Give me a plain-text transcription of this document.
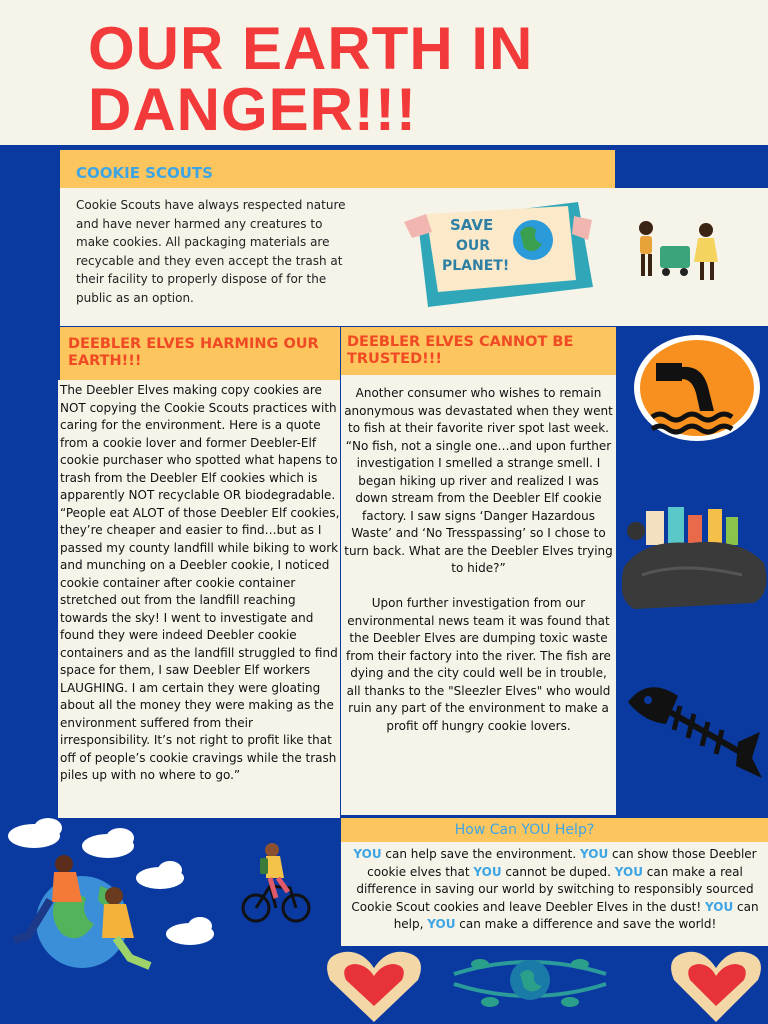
OUR EARTH IN DANGER!!!
COOKIE SCOUTS
Cookie Scouts have always respected nature and have never harmed any creatures to make cookies. All packaging materials are recycable and they even accept the trash at their facility to properly dispose of for the public as an option.
SAVE
OUR
PLANET!
DEEBLER ELVES HARMING OUR EARTH!!!
The Deebler Elves making copy cookies are NOT copying the Cookie Scouts practices with caring for the environment. Here is a quote from a cookie lover and former Deebler-Elf cookie purchaser who spotted what hapens to trash from the Deebler Elf cookies which is apparently NOT recyclable OR biodegradable. “People eat ALOT of those Deebler Elf cookies, they’re cheaper and easier to find…but as I passed my county landfill while biking to work and munching on a Deebler cookie, I noticed cookie container after cookie container stretched out from the landfill reaching towards the sky! I went to investigate and found they were indeed Deebler cookie containers and as the landfill struggled to find space for them, I saw Deebler Elf workers LAUGHING. I am certain they were gloating about all the money they were making as the environment suffered from their irresponsibility. It’s not right to profit like that off of people’s cookie cravings while the trash piles up with no where to go.”
DEEBLER ELVES CANNOT BE TRUSTED!!!
Another consumer who wishes to remain anonymous was devastated when they went to fish at their favorite river spot last week. “No fish, not a single one…and upon further investigation I smelled a strange smell. I began hiking up river and realized I was down stream from the Deebler Elf cookie factory. I saw signs ‘Danger Hazardous Waste’ and ‘No Tresspassing’ so I chose to turn back. What are the Deebler Elves trying to hide?”

Upon further investigation from our environmental news team it was found that the Deebler Elves are dumping toxic waste from their factory into the river. The fish are dying and the city could well be in trouble, all thanks to the "Sleezler Elves" who would ruin any part of the environment to make a profit off hungry cookie lovers.
How Can YOU Help?
YOU can help save the environment. YOU can show those Deebler cookie elves that YOU cannot be duped. YOU can make a real difference in saving our world by switching to responsibly sourced Cookie Scout cookies and leave Deebler Elves in the dust! YOU can help, YOU can make a difference and save the world!
